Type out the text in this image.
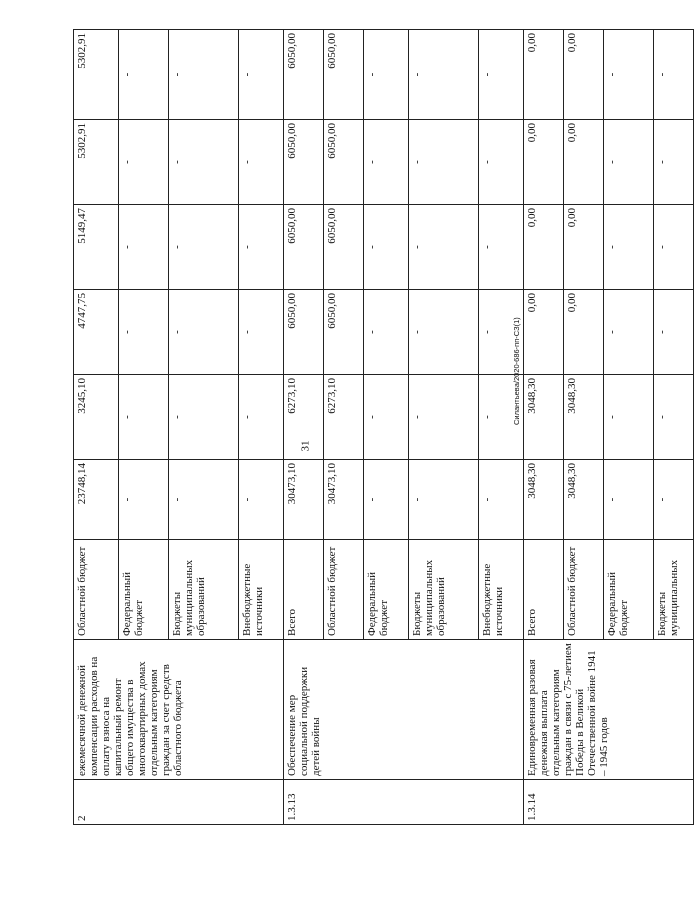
31
Силантьева/2020-686-пп-СЗ(1)
2	ежемесячной денежной компенсации расходов на оплату взноса на капитальный ремонт общего имущества в многоквартирных домах отдельным категориям граждан за счет средств областного бюджета	Областной бюджет	23748,14	3245,10	4747,75	5149,47	5302,91	5302,91
		Федеральный бюджет	-	-	-	-	-	-
		Бюджеты муниципальных образований	-	-	-	-	-	-
		Внебюджетные источники	-	-	-	-	-	-
1.3.13	Обеспечение мер социальной поддержки детей войны	Всего	30473,10	6273,10	6050,00	6050,00	6050,00	6050,00
		Областной бюджет	30473,10	6273,10	6050,00	6050,00	6050,00	6050,00
		Федеральный бюджет	-	-	-	-	-	-
		Бюджеты муниципальных образований	-	-	-	-	-	-
		Внебюджетные источники	-	-	-	-	-	-
1.3.14	Единовременная разовая денежная выплата отдельным категориям граждан в связи с 75-летием Победы в Великой Отечественной войне 1941 – 1945 годов	Всего	3048,30	3048,30	0,00	0,00	0,00	0,00
		Областной бюджет	3048,30	3048,30	0,00	0,00	0,00	0,00
		Федеральный бюджет	-	-	-	-	-	-
		Бюджеты муниципальных	-	-	-	-	-	-
